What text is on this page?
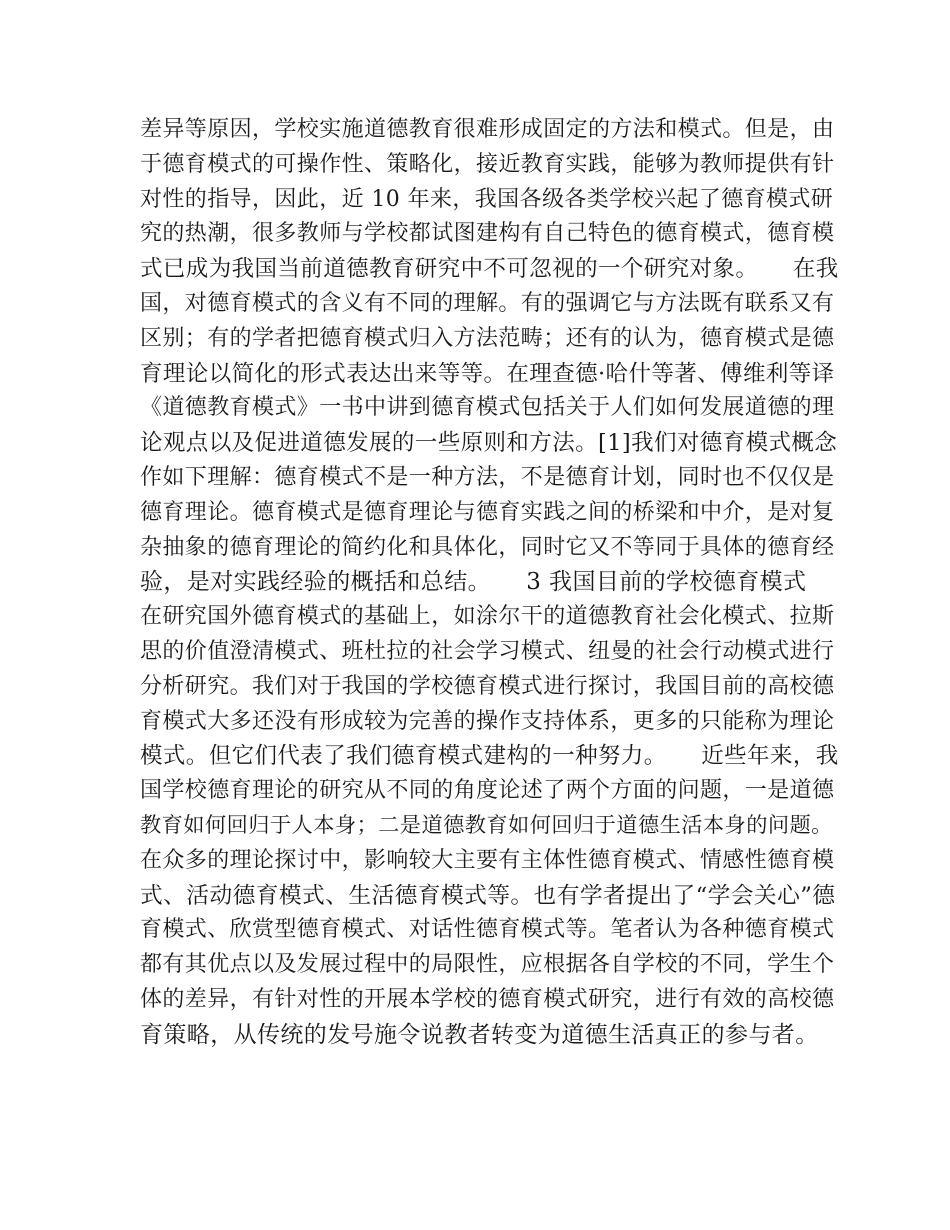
差异等原因，学校实施道德教育很难形成固定的方法和模式。但是，由
于德育模式的可操作性、策略化，接近教育实践，能够为教师提供有针
对性的指导，因此，近 10 年来，我国各级各类学校兴起了德育模式研
究的热潮，很多教师与学校都试图建构有自己特色的德育模式，德育模
式已成为我国当前道德教育研究中不可忽视的一个研究对象。　　在我
国，对德育模式的含义有不同的理解。有的强调它与方法既有联系又有
区别；有的学者把德育模式归入方法范畴；还有的认为，德育模式是德
育理论以简化的形式表达出来等等。在理查德·哈什等著、傅维利等译
《道德教育模式》一书中讲到德育模式包括关于人们如何发展道德的理
论观点以及促进道德发展的一些原则和方法。[1]我们对德育模式概念
作如下理解：德育模式不是一种方法，不是德育计划，同时也不仅仅是
德育理论。德育模式是德育理论与德育实践之间的桥梁和中介，是对复
杂抽象的德育理论的简约化和具体化，同时它又不等同于具体的德育经
验，是对实践经验的概括和总结。　　3 我国目前的学校德育模式
在研究国外德育模式的基础上，如涂尔干的道德教育社会化模式、拉斯
思的价值澄清模式、班杜拉的社会学习模式、纽曼的社会行动模式进行
分析研究。我们对于我国的学校德育模式进行探讨，我国目前的高校德
育模式大多还没有形成较为完善的操作支持体系，更多的只能称为理论
模式。但它们代表了我们德育模式建构的一种努力。　　近些年来，我
国学校德育理论的研究从不同的角度论述了两个方面的问题，一是道德
教育如何回归于人本身；二是道德教育如何回归于道德生活本身的问题。
在众多的理论探讨中，影响较大主要有主体性德育模式、情感性德育模
式、活动德育模式、生活德育模式等。也有学者提出了“学会关心”德
育模式、欣赏型德育模式、对话性德育模式等。笔者认为各种德育模式
都有其优点以及发展过程中的局限性，应根据各自学校的不同，学生个
体的差异，有针对性的开展本学校的德育模式研究，进行有效的高校德
育策略，从传统的发号施令说教者转变为道德生活真正的参与者。
